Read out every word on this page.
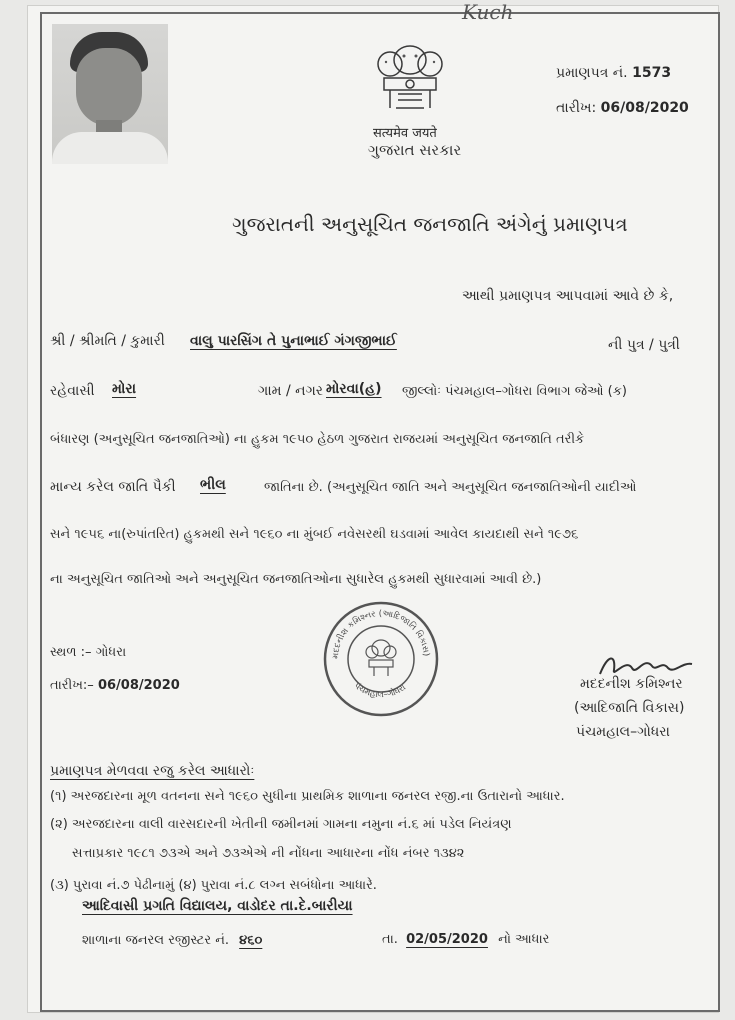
Kuch
सत्यमेव जयते
ગુજરાત સરકાર
પ્રમાણપત્ર નં. 1573
તારીખ: 06/08/2020
ગુજરાતની અનુસૂચિત જનજાતિ અંગેનું પ્રમાણપત્ર
આથી પ્રમાણપત્ર આપવામાં આવે છે કે,
શ્રી / શ્રીમતિ / કુમારી વાલુ પારસિંગ તે પુનાભાઈ ગંગજીભાઈ	ની પુત્ર / પુત્રી
રહેવાસી મોરા	ગામ / નગર મોરવા(હ) જીલ્લોઃ પંચમહાલ–ગોધરા વિભાગ જેઓ (ક)
બંધારણ (અનુસૂચિત જનજાતિઓ) ના હુકમ ૧૯૫૦ હેઠળ ગુજરાત રાજયમાં અનુસૂચિત જનજાતિ તરીકે
માન્ય કરેલ જાતિ પૈકી ભીલ	જાતિના છે. (અનુસૂચિત જાતિ અને અનુસૂચિત જનજાતિઓની યાદીઓ
સને ૧૯૫૬ ના(રુપાંતરિત) હુકમથી સને ૧૯૬૦ ના મુંબઈ નવેસરથી ઘડવામાં આવેલ કાયદાથી સને ૧૯૭૬
ના અનુસૂચિત જાતિઓ અને અનુસૂચિત જનજાતિઓના સુધારેલ હુકમથી સુધારવામાં આવી છે.)
સ્થળ :– ગોધરા
તારીખ:– 06/08/2020
મદદનીશ કમિશ્નર (આદિજાતિ વિકાસ)
પંચમહાલ–ગોધરા	મદદનીશ કમિશ્નર
(આદિજાતિ વિકાસ)
પંચમહાલ–ગોધરા
પ્રમાણપત્ર મેળવવા રજુ કરેલ આધારોઃ
(૧) અરજદારના મૂળ વતનના સને ૧૯૬૦ સુધીના પ્રાથમિક શાળાના જનરલ રજી.ના ઉતારાનો આધાર.
(૨) અરજદારના વાલી વારસદારની ખેતીની જમીનમાં ગામના નમુના નં.૬ માં પડેલ નિયંત્રણ
સત્તાપ્રકાર ૧૯૮૧ ૭૩એ અને ૭૩એએ ની નોંધના આધારના નોંધ નંબર ૧૩૪૨
(૩) પુરાવા નં.૭ પેઢીનામું (૪) પુરાવા નં.૮ લગ્ન સબંધોના આધારે.
આદિવાસી પ્રગતિ વિદ્યાલય, વાડોદર તા.દે.બારીયા
શાળાના જનરલ રજીસ્ટર નં. ૪૬૦	તા. 02/05/2020 નો આધાર
